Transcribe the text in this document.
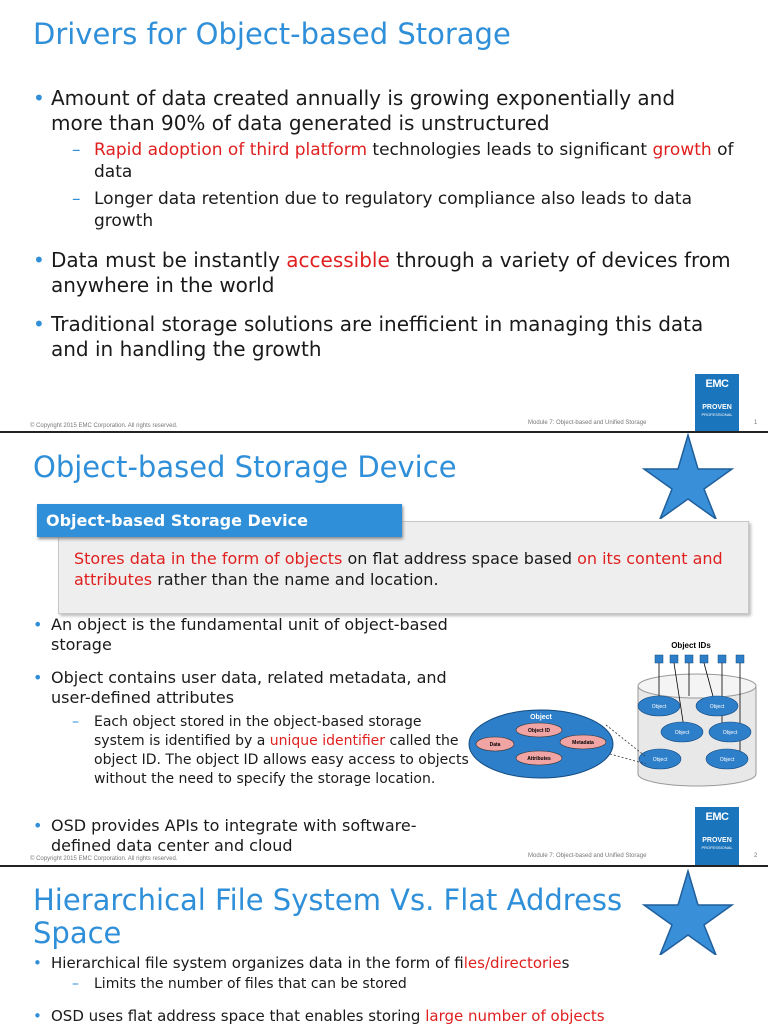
Drivers for Object-based Storage
• Amount of data created annually is growing exponentially and more than 90% of data generated is unstructured
– Rapid adoption of third platform technologies leads to significant growth of data
– Longer data retention due to regulatory compliance also leads to data growth
• Data must be instantly accessible through a variety of devices from anywhere in the world
• Traditional storage solutions are inefficient in managing this data and in handling the growth
EMC
PROVEN
PROFESSIONAL
© Copyright 2015 EMC Corporation. All rights reserved.	Module 7: Object-based and Unified Storage	1
Object-based Storage Device
Object-based Storage Device
Stores data in the form of objects on flat address space based on its content and attributes rather than the name and location.
• An object is the fundamental unit of object-based storage
• Object contains user data, related metadata, and user-defined attributes
–	Each object stored in the object-based storage system is identified by a unique identifier called the object ID. The object ID allows easy access to objects without the need to specify the storage location.
• OSD provides APIs to integrate with software-defined data center and cloud
Object IDs
Object	Object
Object	Object
Object	Object
Object
Object ID
Data	Metadata
Attributes
EMC
PROVEN
PROFESSIONAL
© Copyright 2015 EMC Corporation. All rights reserved.	Module 7: Object-based and Unified Storage	2
Hierarchical File System Vs. Flat Address Space
• Hierarchical file system organizes data in the form of files/directories
–	Limits the number of files that can be stored
• OSD uses flat address space that enables storing large number of objects
